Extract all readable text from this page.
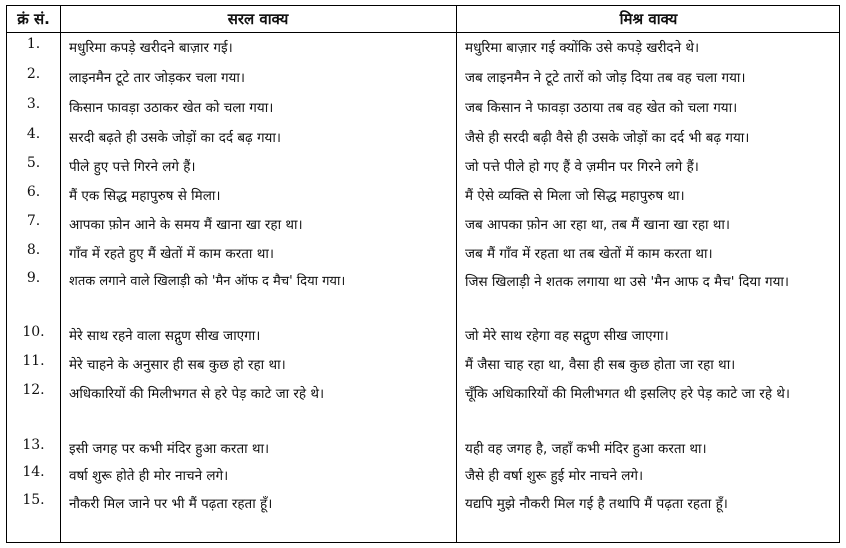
क्रं सं.	सरल वाक्य	मिश्र वाक्य
1.	मधुरिमा कपड़े खरीदने बाज़ार गई।	मधुरिमा बाज़ार गई क्योंकि उसे कपड़े खरीदने थे।
2.	लाइनमैन टूटे तार जोड़कर चला गया।	जब लाइनमैन ने टूटे तारों को जोड़ दिया तब वह चला गया।
3.	किसान फावड़ा उठाकर खेत को चला गया।	जब किसान ने फावड़ा उठाया तब वह खेत को चला गया।
4.	सरदी बढ़ते ही उसके जोड़ों का दर्द बढ़ गया।	जैसे ही सरदी बढ़ी वैसे ही उसके जोड़ों का दर्द भी बढ़ गया।
5.	पीले हुए पत्ते गिरने लगे हैं।	जो पत्ते पीले हो गए हैं वे ज़मीन पर गिरने लगे हैं।
6.	मैं एक सिद्ध महापुरुष से मिला।	मैं ऐसे व्यक्ति से मिला जो सिद्ध महापुरुष था।
7.	आपका फ़ोन आने के समय मैं खाना खा रहा था।	जब आपका फ़ोन आ रहा था, तब मैं खाना खा रहा था।
8.	गाँव में रहते हुए मैं खेतों में काम करता था।	जब मैं गाँव में रहता था तब खेतों में काम करता था।
9.	शतक लगाने वाले खिलाड़ी को 'मैन ऑफ द मैच' दिया गया।	जिस खिलाड़ी ने शतक लगाया था उसे 'मैन आफ द मैच' दिया गया।
10.	मेरे साथ रहने वाला सद्गुण सीख जाएगा।	जो मेरे साथ रहेगा वह सद्गुण सीख जाएगा।
11.	मेरे चाहने के अनुसार ही सब कुछ हो रहा था।	मैं जैसा चाह रहा था, वैसा ही सब कुछ होता जा रहा था।
12.	अधिकारियों की मिलीभगत से हरे पेड़ काटे जा रहे थे।	चूँकि अधिकारियों की मिलीभगत थी इसलिए हरे पेड़ काटे जा रहे थे।
13.	इसी जगह पर कभी मंदिर हुआ करता था।	यही वह जगह है, जहाँ कभी मंदिर हुआ करता था।
14.	वर्षा शुरू होते ही मोर नाचने लगे।	जैसे ही वर्षा शुरू हुई मोर नाचने लगे।
15.	नौकरी मिल जाने पर भी मैं पढ़ता रहता हूँ।	यद्यपि मुझे नौकरी मिल गई है तथापि मैं पढ़ता रहता हूँ।
